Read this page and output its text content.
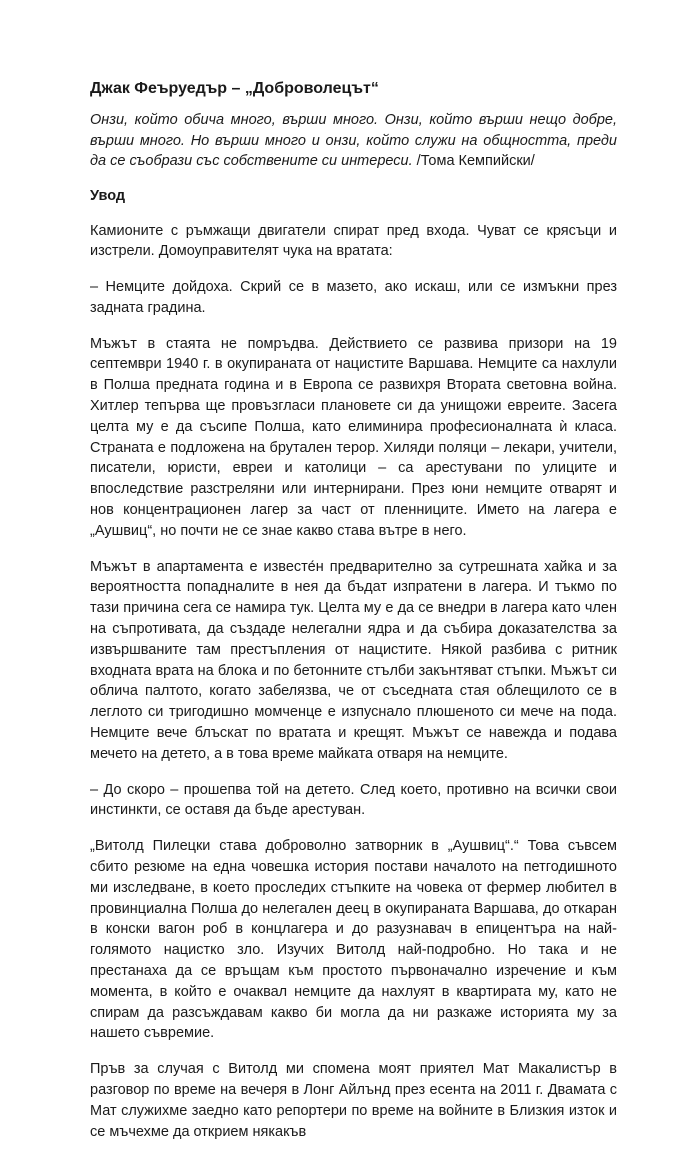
Джак Феъруедър – „Доброволецът“

Онзи, който обича много, върши много. Онзи, който върши нещо добре, върши много. Но върши много и онзи, който служи на общността, преди да се съобрази със собствените си интереси. /Тома Кемпийски/

Увод

Камионите с ръмжащи двигатели спират пред входа. Чуват се крясъци и изстрели. Домоуправителят чука на вратата:

– Немците дойдоха. Скрий се в мазето, ако искаш, или се измъкни през задната градина.

Мъжът в стаята не помръдва. Действието се развива призори на 19 септември 1940 г. в окупираната от нацистите Варшава. Немците са нахлули в Полша предната година и в Европа се развихря Втората световна война. Хитлер тепърва ще провъзгласи плановете си да унищожи евреите. Засега целта му е да съсипе Полша, като елиминира професионалната ѝ класа. Страната е подложена на брутален терор. Хиляди поляци – лекари, учители, писатели, юристи, евреи и католици – са арестувани по улиците и впоследствие разстреляни или интернирани. През юни немците отварят и нов концентрационен лагер за част от пленниците. Името на лагера е „Аушвиц“, но почти не се знае какво става вътре в него.

Мъжът в апартамента е известе́н предварително за сутрешната хайка и за вероятността попадналите в нея да бъдат изпратени в лагера. И тъкмо по тази причина сега се намира тук. Целта му е да се внедри в лагера като член на съпротивата, да създаде нелегални ядра и да събира доказателства за извършваните там престъпления от нацистите. Някой разбива с ритник входната врата на блока и по бетонните стълби закънтяват стъпки. Мъжът си облича палтото, когато забелязва, че от съседната стая облещилото се в леглото си тригодишно момченце е изпуснало плюшеното си мече на пода. Немците вече блъскат по вратата и крещят. Мъжът се навежда и подава мечето на детето, а в това време майката отваря на немците.

– До скоро – прошепва той на детето. След което, противно на всички свои инстинкти, се оставя да бъде арестуван.

„Витолд Пилецки става доброволно затворник в „Аушвиц“.“ Това съвсем сбито резюме на една човешка история постави началото на петгодишното ми изследване, в което проследих стъпките на човека от фермер любител в провинциална Полша до нелегален деец в окупираната Варшава, до откаран в конски вагон роб в концлагера и до разузнавач в епицентъра на най-голямото нацистко зло. Изучих Витолд най-подробно. Но така и не престанаха да се връщам към простото първоначално изречение и към момента, в който е очаквал немците да нахлуят в квартирата му, като не спирам да разсъждавам какво би могла да ни разкаже историята му за нашето съвремие.

Пръв за случая с Витолд ми спомена моят приятел Мат Макалистър в разговор по време на вечеря в Лонг Айлънд през есента на 2011 г. Двамата с Мат служихме заедно като репортери по време на войните в Близкия изток и се мъчехме да открием някакъв
